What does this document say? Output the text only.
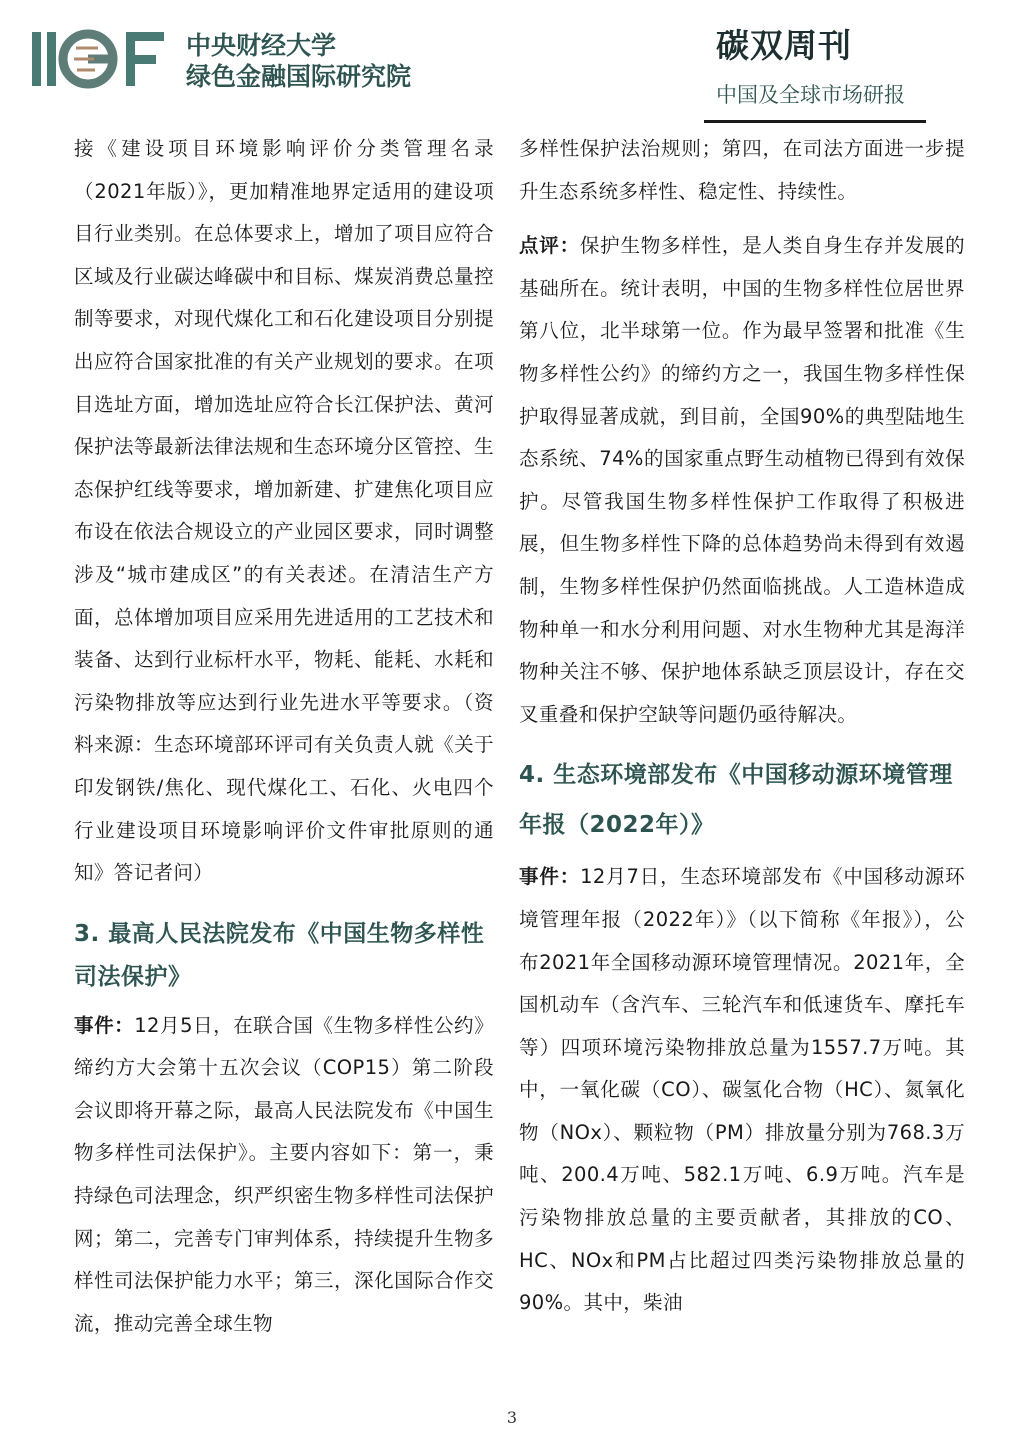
中央财经大学
绿色金融国际研究院
碳双周刊
中国及全球市场研报

接《建设项目环境影响评价分类管理名录（2021年版）》，更加精准地界定适用的建设项目行业类别。在总体要求上，增加了项目应符合区域及行业碳达峰碳中和目标、煤炭消费总量控制等要求，对现代煤化工和石化建设项目分别提出应符合国家批准的有关产业规划的要求。在项目选址方面，增加选址应符合长江保护法、黄河保护法等最新法律法规和生态环境分区管控、生态保护红线等要求，增加新建、扩建焦化项目应布设在依法合规设立的产业园区要求，同时调整涉及“城市建成区”的有关表述。在清洁生产方面，总体增加项目应采用先进适用的工艺技术和装备、达到行业标杆水平，物耗、能耗、水耗和污染物排放等应达到行业先进水平等要求。（资料来源：生态环境部环评司有关负责人就《关于印发钢铁/焦化、现代煤化工、石化、火电四个行业建设项目环境影响评价文件审批原则的通知》答记者问）

3. 最高人民法院发布《中国生物多样性司法保护》

事件：12月5日，在联合国《生物多样性公约》缔约方大会第十五次会议（COP15）第二阶段会议即将开幕之际，最高人民法院发布《中国生物多样性司法保护》。主要内容如下：第一，秉持绿色司法理念，织严织密生物多样性司法保护网；第二，完善专门审判体系，持续提升生物多样性司法保护能力水平；第三，深化国际合作交流，推动完善全球生物

多样性保护法治规则；第四，在司法方面进一步提升生态系统多样性、稳定性、持续性。

点评：保护生物多样性，是人类自身生存并发展的基础所在。统计表明，中国的生物多样性位居世界第八位，北半球第一位。作为最早签署和批准《生物多样性公约》的缔约方之一，我国生物多样性保护取得显著成就，到目前，全国90%的典型陆地生态系统、74%的国家重点野生动植物已得到有效保护。尽管我国生物多样性保护工作取得了积极进展，但生物多样性下降的总体趋势尚未得到有效遏制，生物多样性保护仍然面临挑战。人工造林造成物种单一和水分利用问题、对水生物种尤其是海洋物种关注不够、保护地体系缺乏顶层设计，存在交叉重叠和保护空缺等问题仍亟待解决。

4. 生态环境部发布《中国移动源环境管理年报（2022年）》

事件：12月7日，生态环境部发布《中国移动源环境管理年报（2022年）》（以下简称《年报》），公布2021年全国移动源环境管理情况。2021年，全国机动车（含汽车、三轮汽车和低速货车、摩托车等）四项环境污染物排放总量为1557.7万吨。其中，一氧化碳（CO）、碳氢化合物（HC）、氮氧化物（NOx）、颗粒物（PM）排放量分别为768.3万吨、200.4万吨、582.1万吨、6.9万吨。汽车是污染物排放总量的主要贡献者，其排放的CO、HC、NOx和PM占比超过四类污染物排放总量的90%。其中，柴油

3
